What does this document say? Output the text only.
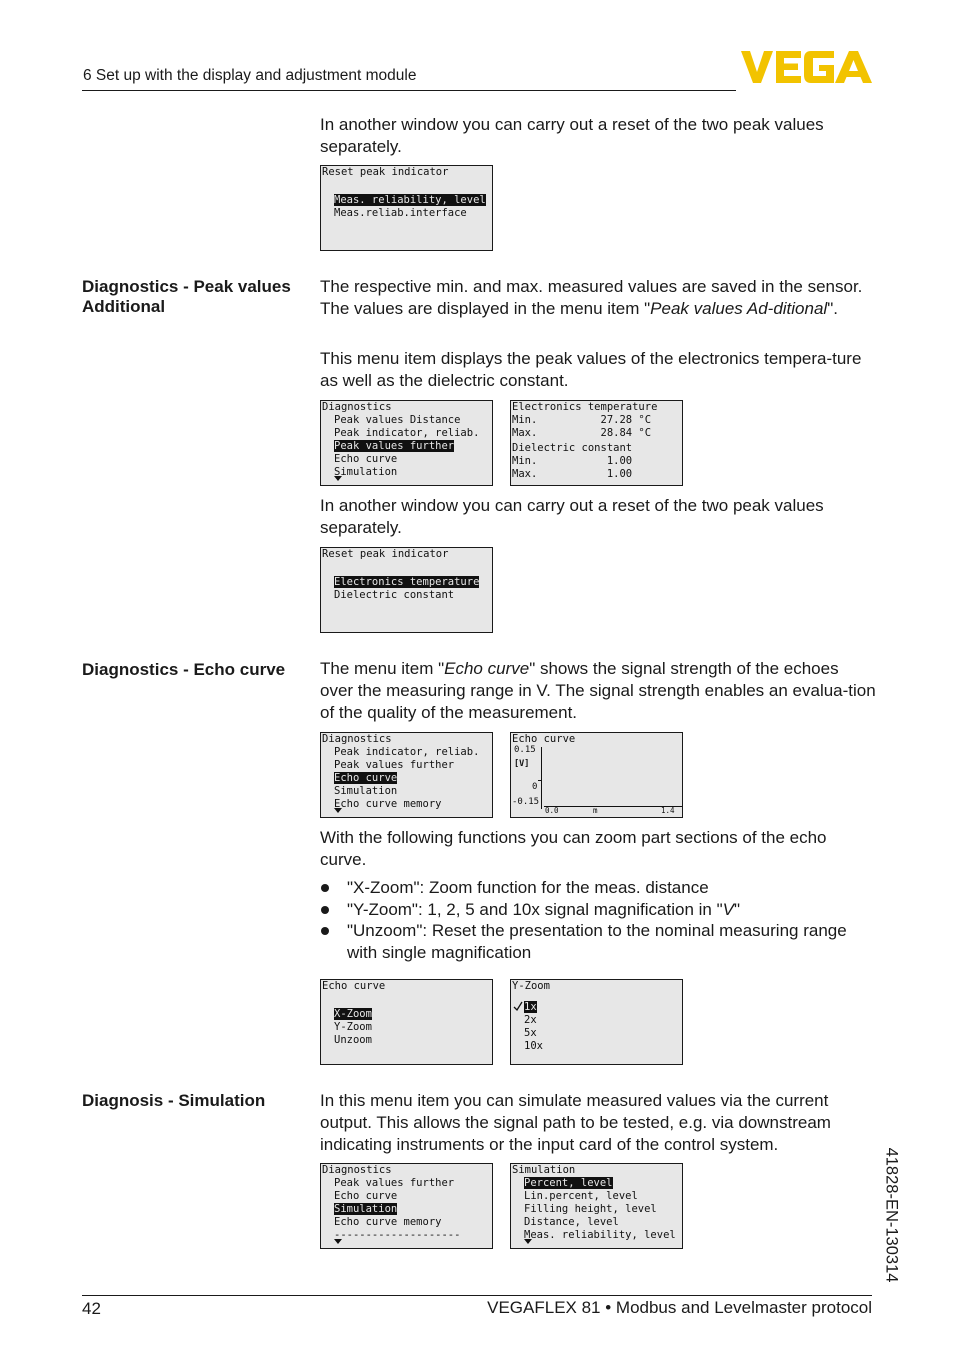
6 Set up with the display and adjustment module

In another window you can carry out a reset of the two peak values separately.

Reset peak indicator
Meas. reliability, level
Meas.reliab.interface

Diagnostics - Peak values
Additional

The respective min. and max. measured values are saved in the sensor. The values are displayed in the menu item "Peak values Ad-ditional".

This menu item displays the peak values of the electronics tempera-ture as well as the dielectric constant.

Diagnostics
Peak values Distance
Peak indicator, reliab.
Peak values further
Echo curve
Simulation
Electronics temperature
Min.          27.28 °C
Max.          28.84 °C
Dielectric constant
Min.           1.00
Max.           1.00

In another window you can carry out a reset of the two peak values separately.

Reset peak indicator
Electronics temperature
Dielectric constant

Diagnostics - Echo curve	The menu item "Echo curve" shows the signal strength of the echoes over the measuring range in V. The signal strength enables an evalua-tion of the quality of the measurement.

Diagnostics
Peak indicator, reliab.
Peak values further
Echo curve
Simulation
Echo curve memory
Echo curve
0.15
[V]
0
-0.15
0.0	m	1.4

With the following functions you can zoom part sections of the echo curve.

"X-Zoom": Zoom function for the meas. distance
"Y-Zoom": 1, 2, 5 and 10x signal magnification in "V"
"Unzoom": Reset the presentation to the nominal measuring range with single magnification
Echo curve
X-Zoom
Y-Zoom
Unzoom
Y-Zoom
1x
2x
5x
10x

Diagnosis - Simulation	In this menu item you can simulate measured values via the current output. This allows the signal path to be tested, e.g. via downstream indicating instruments or the input card of the control system.

Diagnostics
Peak values further
Echo curve
Simulation
Echo curve memory
--------------------
Simulation
Percent, level
Lin.percent, level
Filling height, level
Distance, level
Meas. reliability, level	41828-EN-130314
42	VEGAFLEX 81 • Modbus and Levelmaster protocol
